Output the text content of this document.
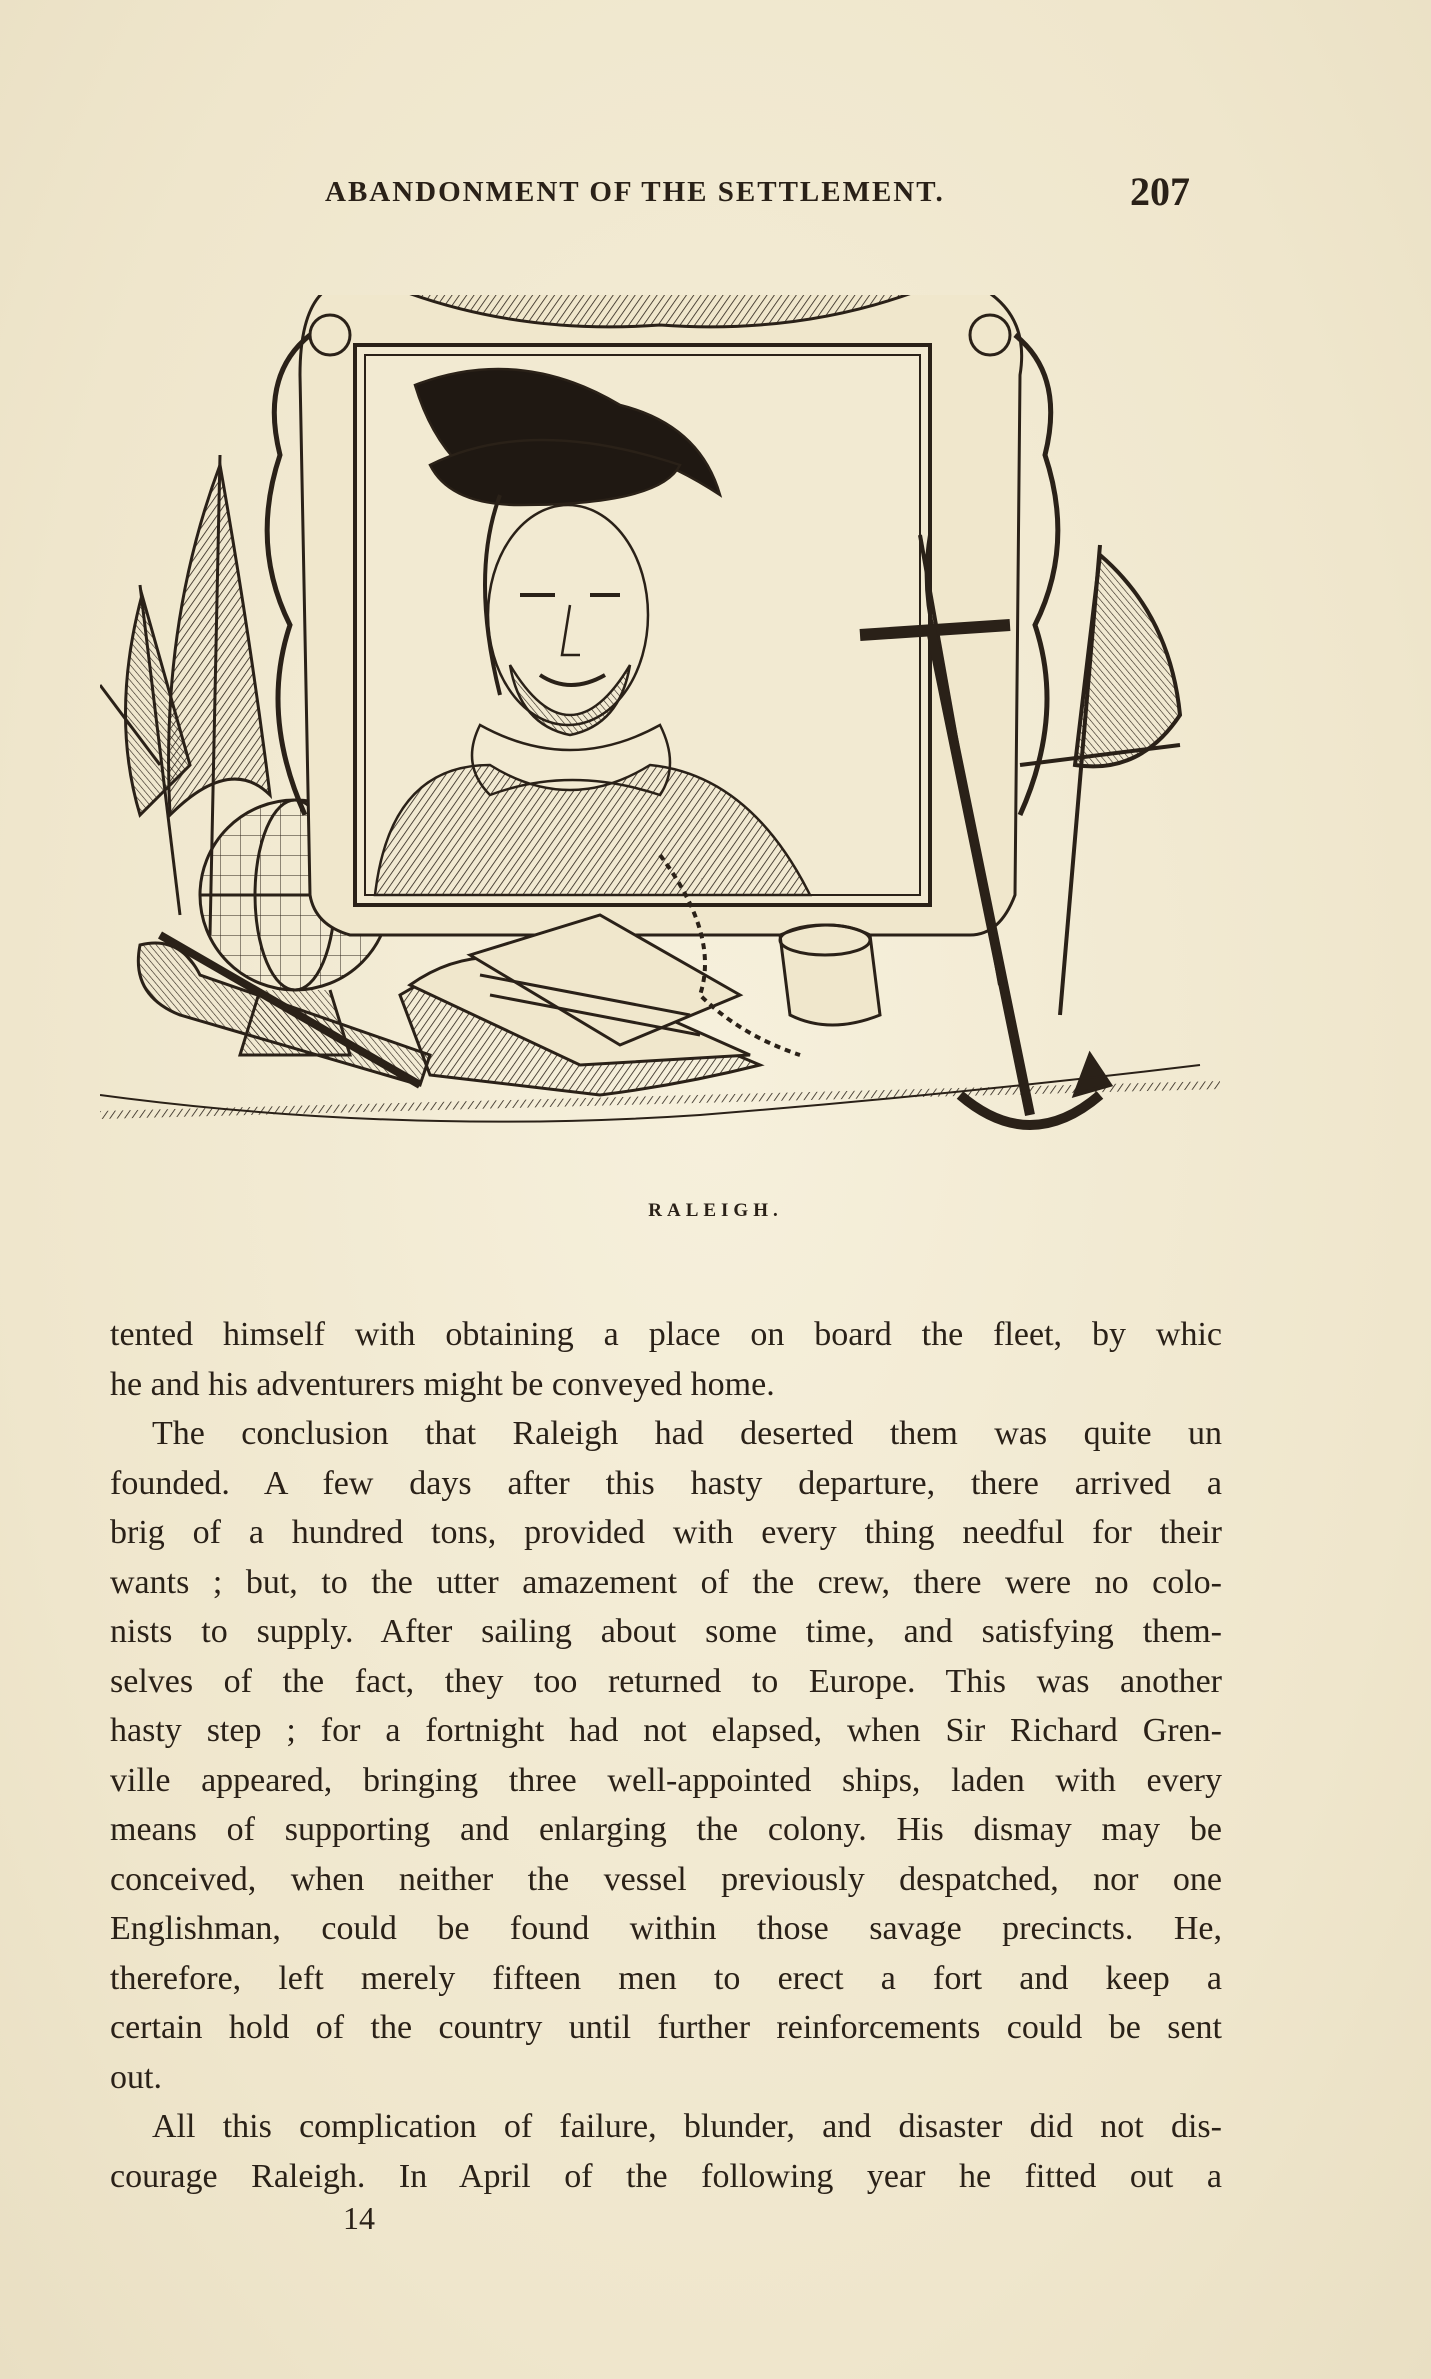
ABANDONMENT OF THE SETTLEMENT.	207
RALEIGH.
tented himself with obtaining a place on board the fleet, by whic
he and his adventurers might be conveyed home.
The conclusion that Raleigh had deserted them was quite un
founded. A few days after this hasty departure, there arrived a
brig of a hundred tons, provided with every thing needful for their
wants ; but, to the utter amazement of the crew, there were no colo-
nists to supply. After sailing about some time, and satisfying them-
selves of the fact, they too returned to Europe. This was another
hasty step ; for a fortnight had not elapsed, when Sir Richard Gren-
ville appeared, bringing three well-appointed ships, laden with every
means of supporting and enlarging the colony. His dismay may be
conceived, when neither the vessel previously despatched, nor one
Englishman, could be found within those savage precincts. He,
therefore, left merely fifteen men to erect a fort and keep a
certain hold of the country until further reinforcements could be sent
out.
All this complication of failure, blunder, and disaster did not dis-
courage Raleigh. In April of the following year he fitted out a
14
